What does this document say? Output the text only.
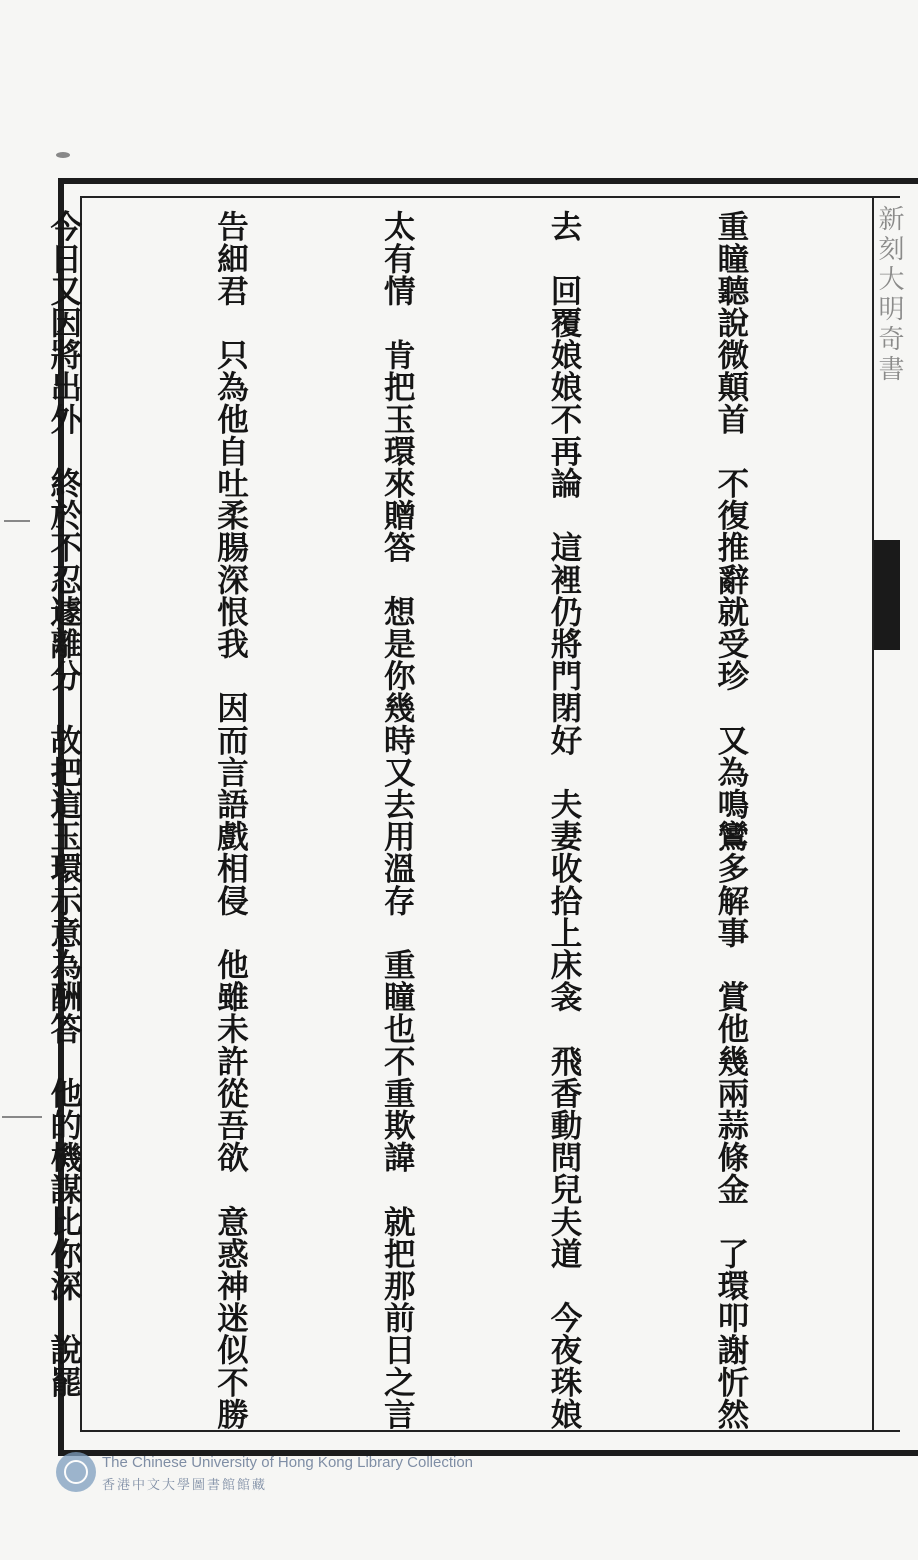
新刻大明奇書

重瞳聽說微顛首　不復推辭就受珍　又為鳴鸞多解事　賞他幾兩蒜條金　了環叩謝忻然

去　回覆娘娘不再論　這裡仍將門閉好　夫妻收拾上床衾　飛香動問兒夫道　今夜珠娘

太有情　肯把玉環來贈答　想是你幾時又去用溫存　重瞳也不重欺諱　就把那前日之言

告細君　只為他自吐柔腸深恨我　因而言語戲相侵　他雖未許從吾欲　意惑神迷似不勝

今日又因將出外　終於不忍遽離分　故把這玉環示意為酬答　他的機謀比你深　說罷

The Chinese University of Hong Kong Library Collection
香港中文大學圖書館館藏
